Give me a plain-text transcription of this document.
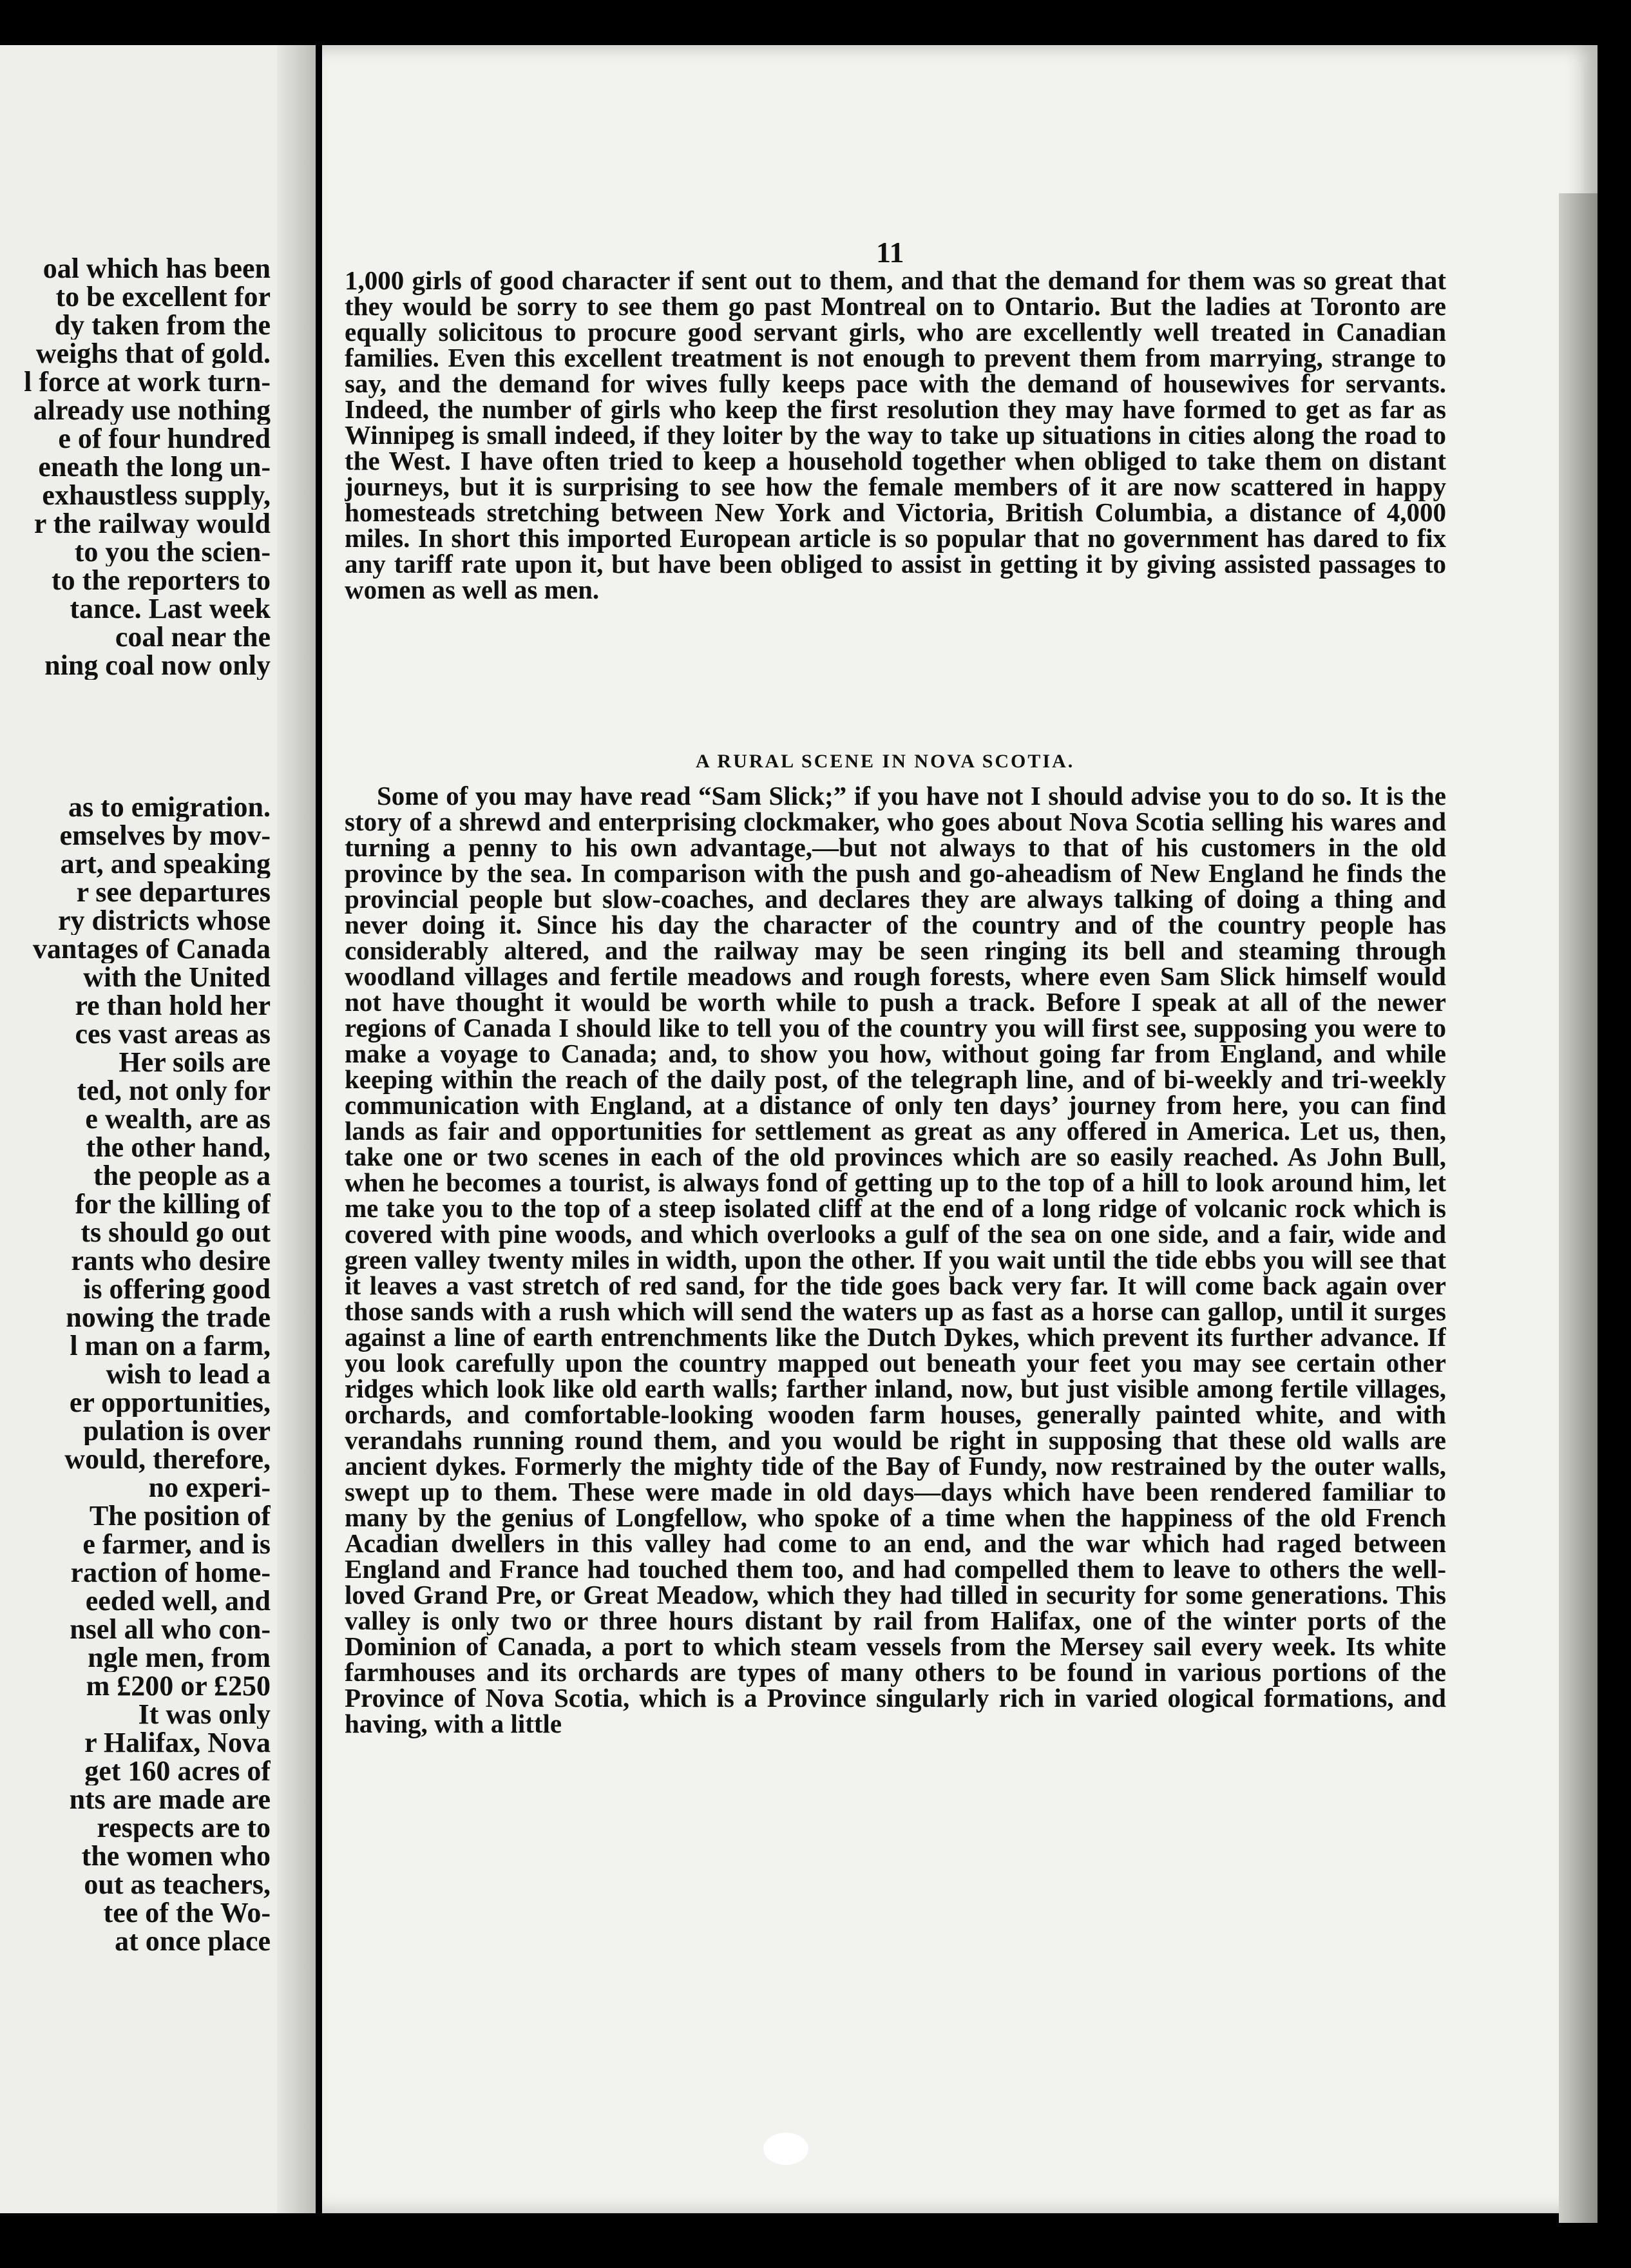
oal which has been
to be excellent for
dy taken from the
weighs that of gold.
l force at work turn-
already use nothing
e of four hundred
eneath the long un-
exhaustless supply,
r the railway would
to you the scien-
to the reporters to
tance. Last week
coal near the
ning coal now only
as to emigration.
emselves by mov-
art, and speaking
r see departures
ry districts whose
vantages of Canada
with the United
re than hold her
ces vast areas as
Her soils are
ted, not only for
e wealth, are as
the other hand,
the people as a
for the killing of
ts should go out
rants who desire
is offering good
nowing the trade
l man on a farm,
wish to lead a
er opportunities,
pulation is over
would, therefore,
no experi-
The position of
e farmer, and is
raction of home-
eeded well, and
nsel all who con-
ngle men, from
m £200 or £250
It was only
r Halifax, Nova
get 160 acres of
nts are made are
respects are to
the women who
out as teachers,
tee of the Wo-
at once place
11

1,000 girls of good character if sent out to them, and that the demand for them was so great that they would be sorry to see them go past Montreal on to Ontario. But the ladies at Toronto are equally solicitous to procure good servant girls, who are excellently well treated in Canadian families. Even this excellent treatment is not enough to prevent them from marrying, strange to say, and the demand for wives fully keeps pace with the demand of housewives for servants. Indeed, the number of girls who keep the first resolution they may have formed to get as far as Winnipeg is small indeed, if they loiter by the way to take up situations in cities along the road to the West. I have often tried to keep a household together when obliged to take them on distant journeys, but it is surprising to see how the female members of it are now scattered in happy homesteads stretching between New York and Victoria, British Columbia, a distance of 4,000 miles. In short this imported European article is so popular that no government has dared to fix any tariff rate upon it, but have been obliged to assist in getting it by giving assisted passages to women as well as men.

A RURAL SCENE IN NOVA SCOTIA.

Some of you may have read “Sam Slick;” if you have not I should advise you to do so. It is the story of a shrewd and enterprising clockmaker, who goes about Nova Scotia selling his wares and turning a penny to his own advantage,—but not always to that of his customers in the old province by the sea. In comparison with the push and go-aheadism of New England he finds the provincial people but slow-coaches, and declares they are always talking of doing a thing and never doing it. Since his day the character of the country and of the country people has considerably altered, and the railway may be seen ringing its bell and steaming through woodland villages and fertile meadows and rough forests, where even Sam Slick himself would not have thought it would be worth while to push a track. Before I speak at all of the newer regions of Canada I should like to tell you of the country you will first see, supposing you were to make a voyage to Canada; and, to show you how, without going far from England, and while keeping within the reach of the daily post, of the telegraph line, and of bi-weekly and tri-weekly communication with England, at a distance of only ten days’ journey from here, you can find lands as fair and opportunities for settlement as great as any offered in America. Let us, then, take one or two scenes in each of the old provinces which are so easily reached. As John Bull, when he becomes a tourist, is always fond of getting up to the top of a hill to look around him, let me take you to the top of a steep isolated cliff at the end of a long ridge of volcanic rock which is covered with pine woods, and which overlooks a gulf of the sea on one side, and a fair, wide and green valley twenty miles in width, upon the other. If you wait until the tide ebbs you will see that it leaves a vast stretch of red sand, for the tide goes back very far. It will come back again over those sands with a rush which will send the waters up as fast as a horse can gallop, until it surges against a line of earth entrenchments like the Dutch Dykes, which prevent its further advance. If you look carefully upon the country mapped out beneath your feet you may see certain other ridges which look like old earth walls; farther inland, now, but just visible among fertile villages, orchards, and comfortable-looking wooden farm houses, generally painted white, and with verandahs running round them, and you would be right in supposing that these old walls are ancient dykes. Formerly the mighty tide of the Bay of Fundy, now restrained by the outer walls, swept up to them. These were made in old days—days which have been rendered familiar to many by the genius of Longfellow, who spoke of a time when the happiness of the old French Acadian dwellers in this valley had come to an end, and the war which had raged between England and France had touched them too, and had compelled them to leave to others the well-loved Grand Pre, or Great Meadow, which they had tilled in security for some generations. This valley is only two or three hours distant by rail from Halifax, one of the winter ports of the Dominion of Canada, a port to which steam vessels from the Mersey sail every week. Its white farmhouses and its orchards are types of many others to be found in various portions of the Province of Nova Scotia, which is a Province singularly rich in varied ological formations, and having, with a little
